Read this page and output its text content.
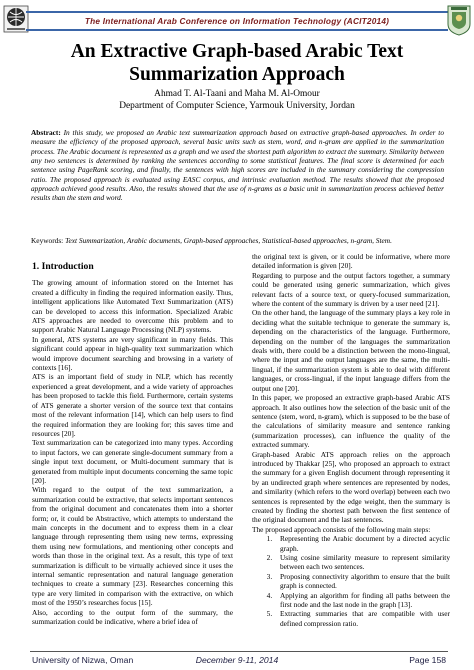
The International Arab Conference on Information Technology (ACIT2014)
An Extractive Graph-based Arabic Text
Summarization Approach
Ahmad T. Al-Taani and Maha M. Al-Omour
Department of Computer Science, Yarmouk University, Jordan
Abstract: In this study, we proposed an Arabic text summarization approach based on extractive graph-based approaches. In order to measure the efficiency of the proposed approach, several basic units such as stem, word, and n-gram are applied in the summarization process. The Arabic document is represented as a graph and we used the shortest path algorithm to extract the summary. Similarity between any two sentences is determined by ranking the sentences according to some statistical features. The final score is determined for each sentence using PageRank scoring, and finally, the sentences with high scores are included in the summary considering the compression ratio. The proposed approach is evaluated using EASC corpus, and intrinsic evaluation method. The results showed that the proposed approach achieved good results. Also, the results showed that the use of n-grams as a basic unit in summarization process achieved better results than the stem and word.
Keywords: Text Summarization, Arabic documents, Graph-based approaches, Statistical-based approaches, n-gram, Stem.
1. Introduction

The growing amount of information stored on the Internet has created a difficulty in finding the required information easily. Thus, intelligent applications like Automated Text Summarization (ATS) can be developed to access this information. Specialized Arabic ATS approaches are needed to overcome this problem and to support Arabic Natural Language Processing (NLP) systems.

In general, ATS systems are very significant in many fields. This significant could appear in high-quality text summarization which would improve document searching and browsing in a variety of contexts [16].

ATS is an important field of study in NLP, which has recently experienced a great development, and a wide variety of approaches has been proposed to tackle this field. Furthermore, certain systems of ATS generate a shorter version of the source text that contains most of the relevant information [14], which can help users to find the required information they are looking for; this saves time and resources [20].

Text summarization can be categorized into many types. According to input factors, we can generate single-document summary from a single input text document, or Multi-document summary that is generated from multiple input documents concerning the same topic [20].

With regard to the output of the text summarization, a summarization could be extractive, that selects important sentences from the original document and concatenates them into a shorter form; or, it could be Abstractive, which attempts to understand the main concepts in the document and to express them in a clear language through representing them using new terms, expressing them using new formulations, and mentioning other concepts and words than those in the original text. As a result, this type of text summarization is difficult to be virtually achieved since it uses the internal semantic representation and natural language generation techniques to create a summary [23]. Researches concerning this type are very limited in comparison with the extractive, on which most of the 1950’s researches focus [15].

Also, according to the output form of the summary, the summarization could be indicative, where a brief idea of

the original text is given, or it could be informative, where more detailed information is given [20].

Regarding to purpose and the output factors together, a summary could be generated using generic summarization, which gives relevant facts of a source text, or query-focused summarization, where the content of the summary is driven by a user need [21].

On the other hand, the language of the summary plays a key role in deciding what the suitable technique to generate the summary is, depending on the characteristics of the language. Furthermore, depending on the number of the languages the summarization deals with, there could be a distinction between the mono-lingual, where the input and the output languages are the same, the multi-lingual, if the summarization system is able to deal with different languages, or cross-lingual, if the input language differs from the output one [20].

In this paper, we proposed an extractive graph-based Arabic ATS approach. It also outlines how the selection of the basic unit of the sentence (stem, word, n-gram), which is supposed to be the base of the calculations of similarity measure and sentence ranking (summarization processes), can influence the quality of the extracted summary.

Graph-based Arabic ATS approach relies on the approach introduced by Thakkar [25], who proposed an approach to extract the summary for a given English document through representing it by an undirected graph where sentences are represented by nodes, and similarity (which refers to the word overlap) between each two sentences is represented by the edge weight, then the summary is created by finding the shortest path between the first sentence of the original document and the last sentences.

The proposed approach consists of the following main steps:

1. Representing the Arabic document by a directed acyclic graph.
2. Using cosine similarity measure to represent similarity between each two sentences.
3. Proposing connectivity algorithm to ensure that the built graph is connected.
4. Applying an algorithm for finding all paths between the first node and the last node in the graph [13].
5. Extracting summaries that are compatible with user defined compression ratio.
University of Nizwa, Oman	December 9-11, 2014	Page 158
